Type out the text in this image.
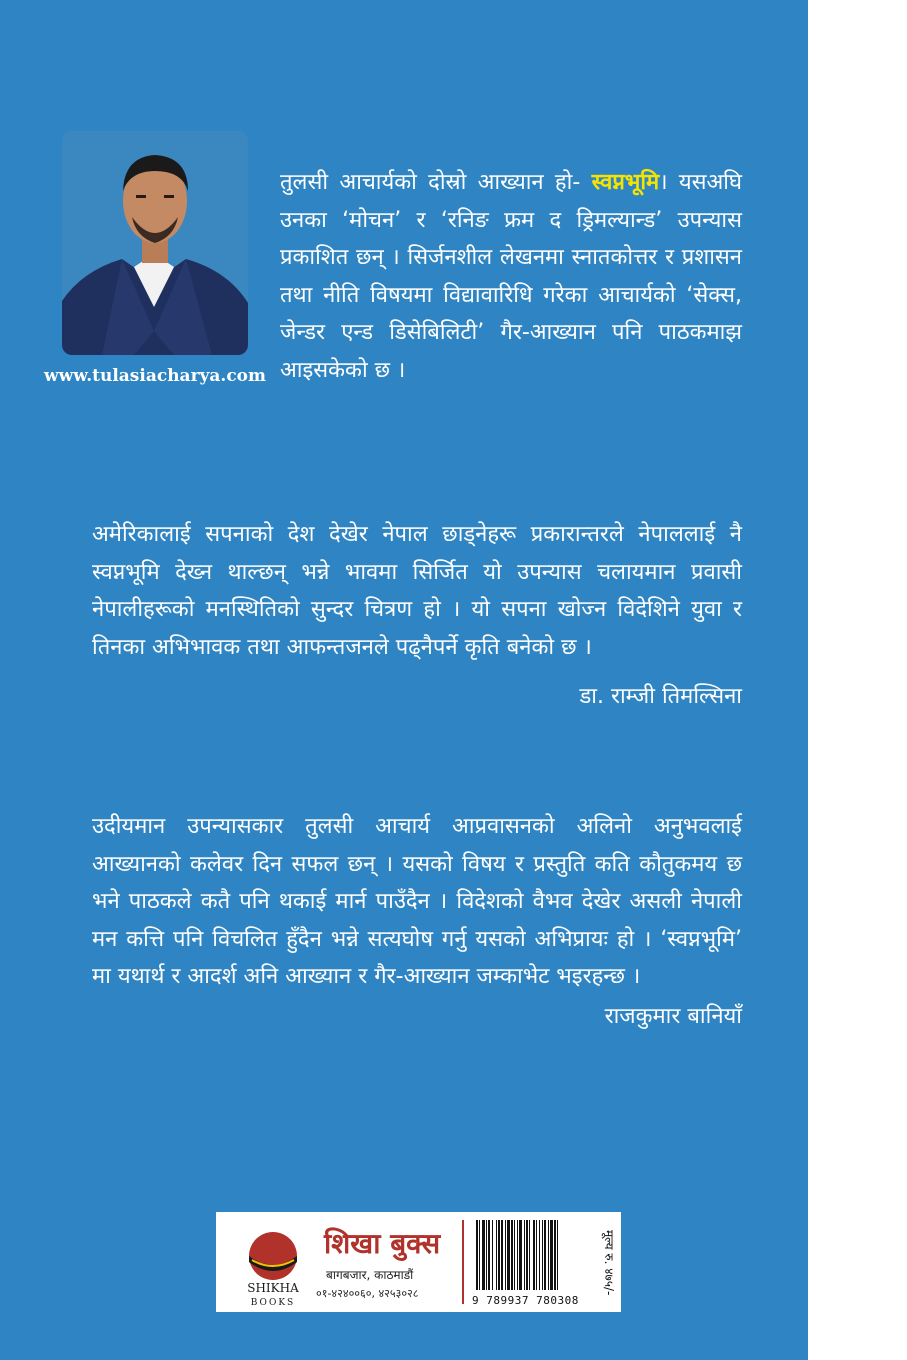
तुलसी आचार्यको दोस्रो आख्यान हो- स्वप्नभूमि। यसअघि उनका ‘मोचन’ र ‘रनिङ फ्रम द ड्रिमल्यान्ड’ उपन्यास प्रकाशित छन् । सिर्जनशील लेखनमा स्नातकोत्तर र प्रशासन तथा नीति विषयमा विद्यावारिधि गरेका आचार्यको ‘सेक्स, जेन्डर एन्ड डिसेबिलिटी’ गैर-आख्यान पनि पाठकमाझ आइसकेको छ ।

www.tulasiacharya.com

अमेरिकालाई सपनाको देश देखेर नेपाल छाड्नेहरू प्रकारान्तरले नेपाललाई नै स्वप्नभूमि देख्न थाल्छन् भन्ने भावमा सिर्जित यो उपन्यास चलायमान प्रवासी नेपालीहरूको मनस्थितिको सुन्दर चित्रण हो । यो सपना खोज्न विदेशिने युवा र तिनका अभिभावक तथा आफन्तजनले पढ्नैपर्ने कृति बनेको छ ।

डा. राम्जी तिमल्सिना

उदीयमान उपन्यासकार तुलसी आचार्य आप्रवासनको अलिनो अनुभवलाई आख्यानको कलेवर दिन सफल छन् । यसको विषय र प्रस्तुति कति कौतुकमय छ भने पाठकले कतै पनि थकाई मार्न पाउँदैन । विदेशको वैभव देखेर असली नेपाली मन कत्ति पनि विचलित हुँदैन भन्ने सत्यघोष गर्नु यसको अभिप्रायः हो । ‘स्वप्नभूमि’ मा यथार्थ र आदर्श अनि आख्यान र गैर-आख्यान जम्काभेट भइरहन्छ ।

राजकुमार बानियाँ
SHIKHA
BOOKS
शिखा बुक्स
बागबजार, काठमाडौं
०१-४२४००६०, ४२५३०२८
9 789937 780308
मूल्य रु. ४७५/-
